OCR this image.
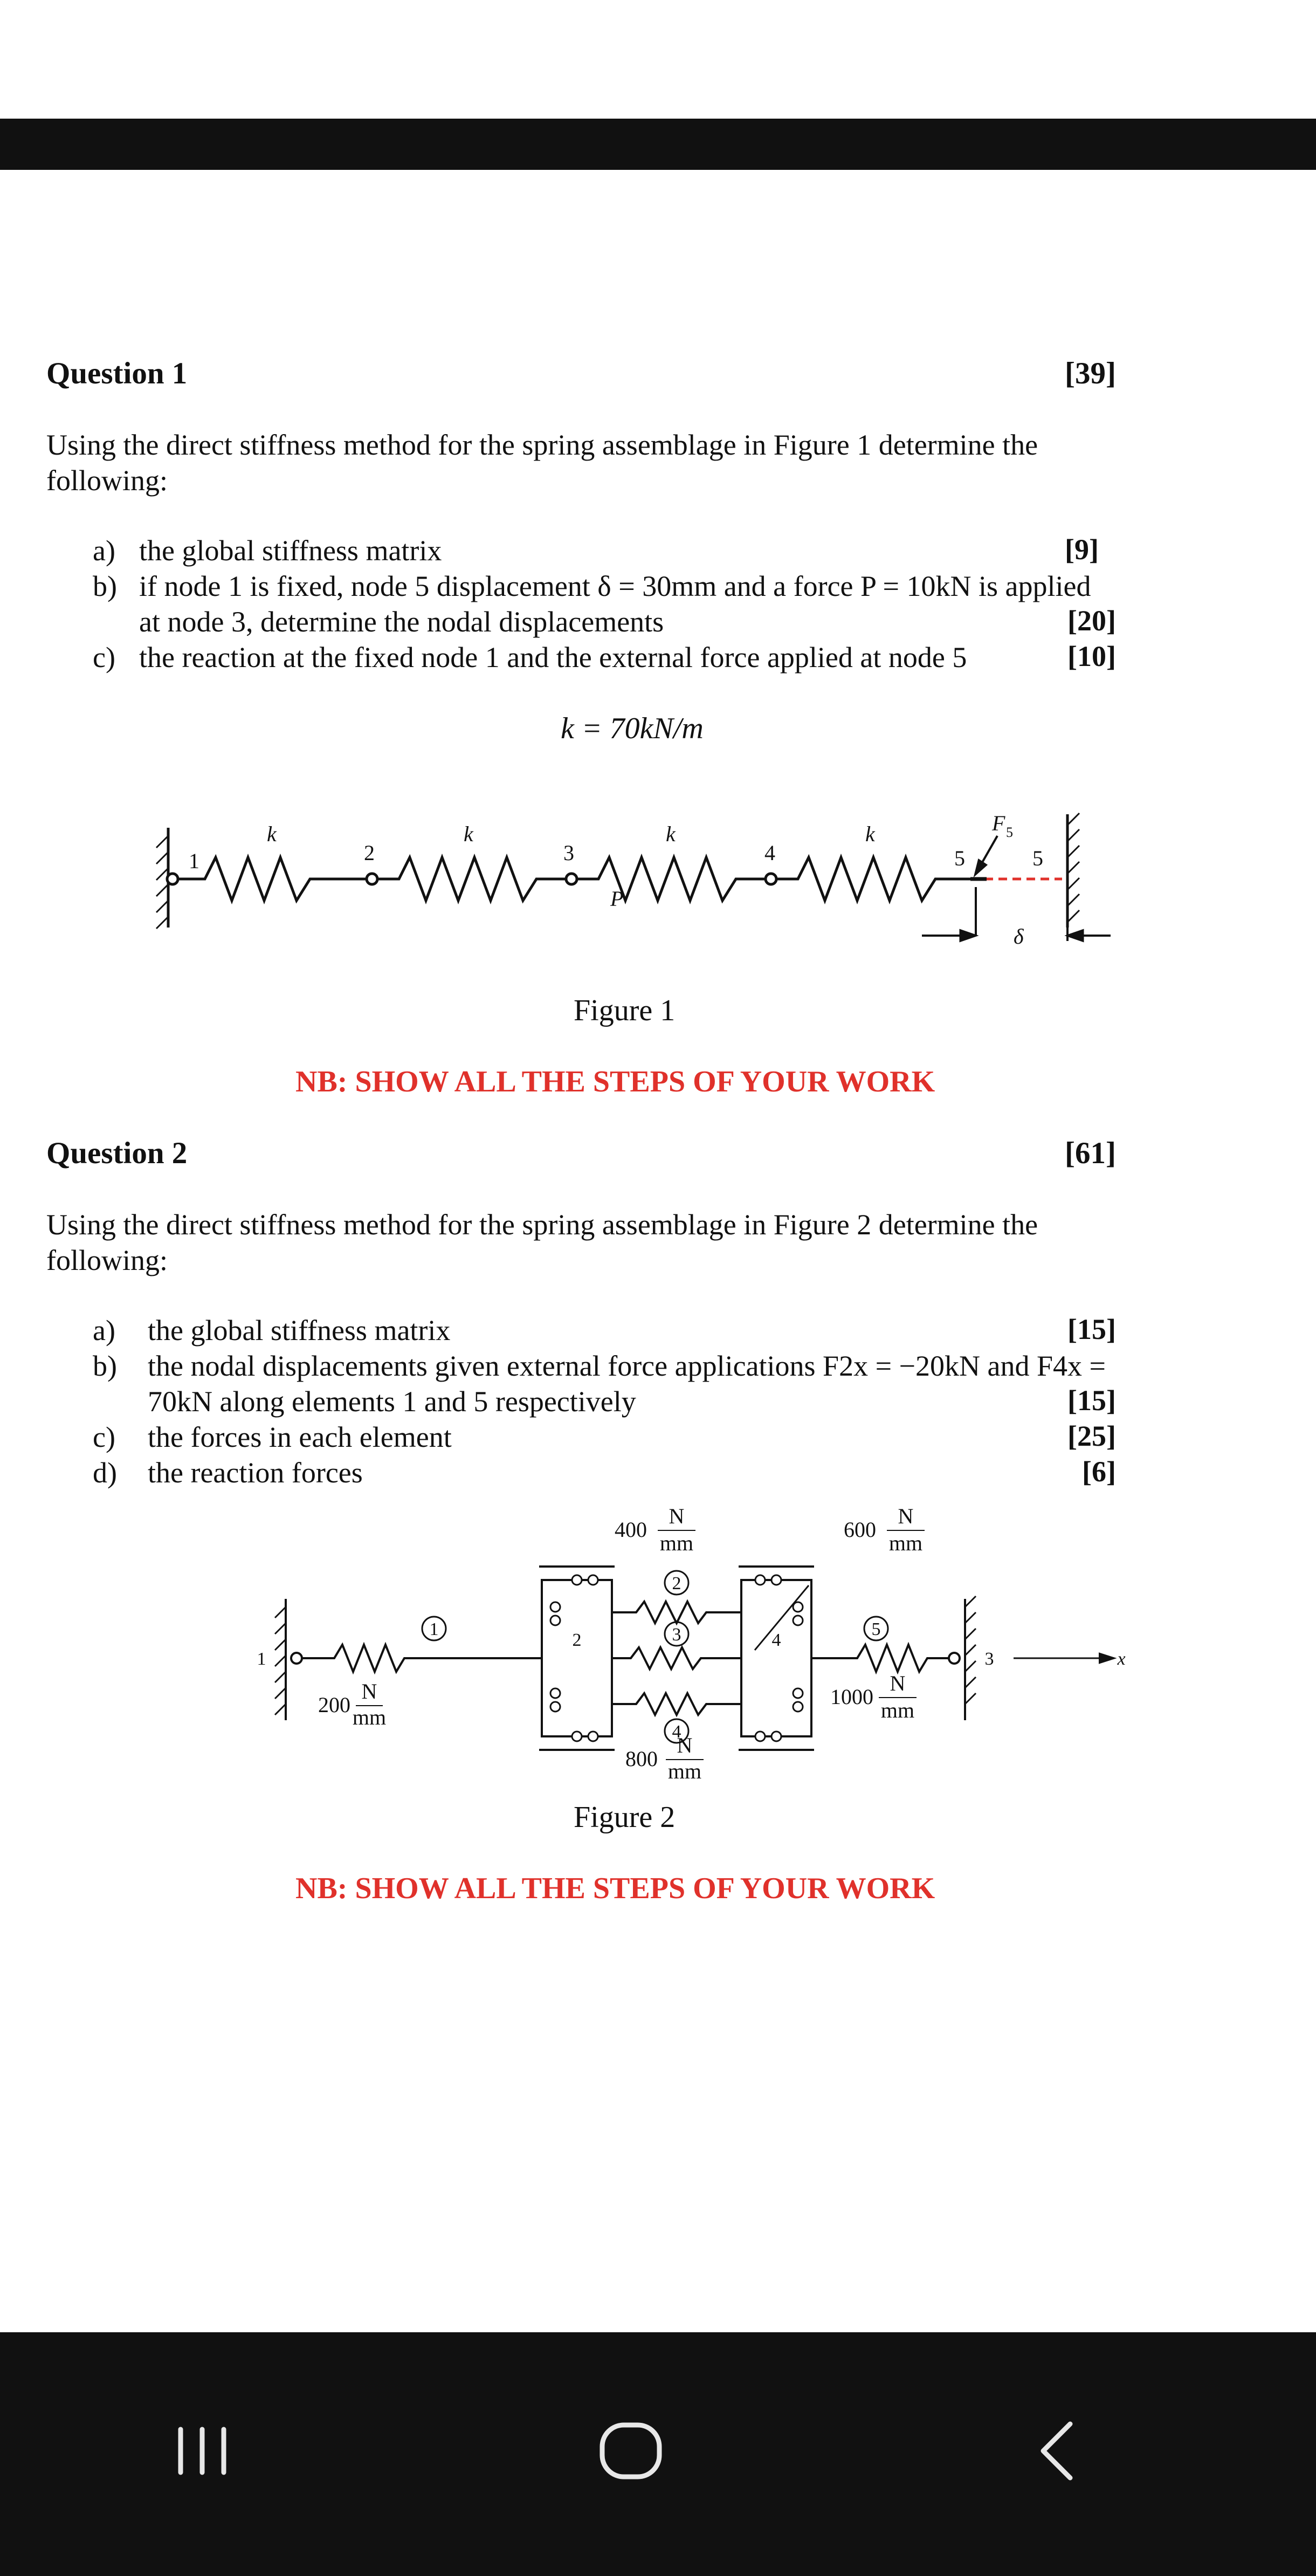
Question 1	[39]
Using the direct stiffness method for the spring assemblage in Figure 1 determine the
following:
a) the global stiffness matrix	[9]
b) if node 1 is fixed, node 5 displacement δ = 30mm and a force P = 10kN is applied
at node 3, determine the nodal displacements	[20]
c) the reaction at the fixed node 1 and the external force applied at node 5	[10]
k = 70kN/m
1	2	3	4	5	5
k	k	k	k
P
F 5
δ
Figure 1
NB: SHOW ALL THE STEPS OF YOUR WORK
Question 2	[61]
Using the direct stiffness method for the spring assemblage in Figure 2 determine the
following:
a) the global stiffness matrix	[15]
b) the nodal displacements given external force applications F2x = −20kN and F4x =
70kN along elements 1 and 5 respectively	[15]
c) the forces in each element	[25]
d) the reaction forces	[6]
1
2
3
4
5
1
2
3
4
x
200
N
mm
400
N
mm
600
N
mm
800
N
mm
1000
N
mm
Figure 2
NB: SHOW ALL THE STEPS OF YOUR WORK
